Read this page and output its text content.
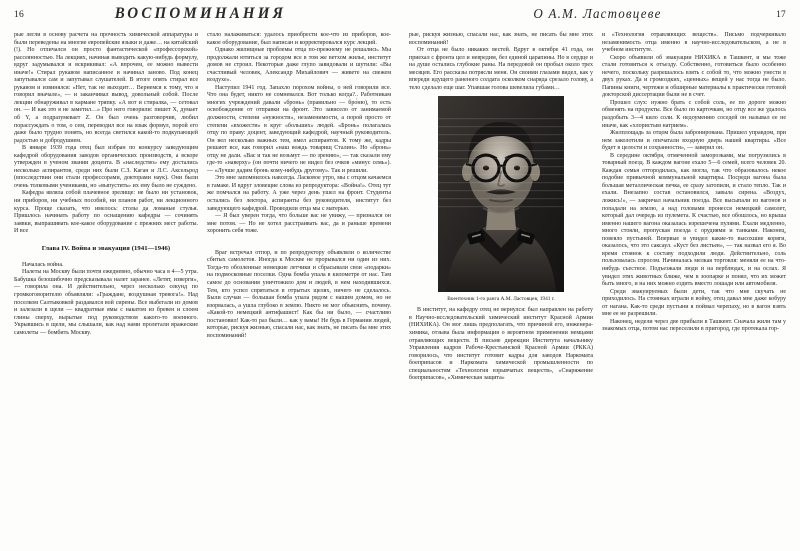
16	ВОСПОМИНАНИЯ

рые легли в основу расчета на прочность химической аппаратуры и были переведены на многие европейские языки и даже… на китайский (!). Но отличался он просто фантастической «профессорской» рассеянностью. На лекциях, начиная выводить какую-нибудь формулу, вдруг задумывался и вскрикивал: «А впрочем, ее можно вывести иначе!» Стирал рукавом написанное и начинал заново. Под конец запутывался сам и запутывал слушателей. В итоге опять стирал все рукавом и извинялся: «Нет, так не выходит… Вернемся к тому, что я говорил вначале», — и заканчивал вывод, довольный собой. После лекции обнаруживал в кармане тряпку. «А вот и стиралка, — сетовал он. — И как это я не заметил…» Про него говорили: пишет X, думает об Y, а подразумевает Z. Он был очень разговорчив, любил порассуждать о том, о сем, переводил все на язык формул, порой его даже было трудно понять, но всегда светился какой-то подкупающей радостью и добродушием.

В январе 1939 года отец был избран по конкурсу заведующим кафедрой оборудования заводов органических производств, а вскоре утвержден в ученом звании доцента. В «наследство» ему достались несколько аспирантов, среди них были С.З. Каган и Л.С. Аксельрод (впоследствии они стали профессорами, докторами наук). Они были очень толковыми учениками, но «выпустить» их ему было не суждено.

Кафедра являла собой плачевное зрелище: не было ни установок, ни приборов, ни учебных пособий, ни планов работ, ни лекционного курса. Проще сказать, что имелось: столы да ломаные стулья. Пришлось начинать работу по оснащению кафедры — сочинять заявки, выпрашивать кое-какое оборудование с прежних мест работы. И все

Глава IV. Война и эвакуация (1941—1946)

Началась война.

Налеты на Москву были почти ежедневно, обычно часа в 4—5 утра. Бабушка безошибочно предсказывала налет заранее. «Летят, изверги», — говорила она. И действительно, через несколько секунд по громкоговорителю объявляли: «Граждане, воздушная тревога!». Над поселком Салтыковкой раздавался вой сирены. Все выбегали из домов и залезали в щели — квадратные ямы с накатом из бревен и слоем глины сверху, вырытые под руководством какого-то военного. Укрывшись в щели, мы слышали, как над нами пролетали вражеские самолеты — бомбить Москву.

стало налаживаться: удалось приобрести кое-что из приборов, кое-какое оборудование, был написан и корректировался курс лекций.

Однако жилищные проблемы отца по-прежнему не решались. Мы продолжали ютиться за городом все в том же ветхом жилье, институт домов не строил. Некоторые даже глупо завидовали и шутили: «Вы счастливый человек, Александр Михайлович — живете на свежем воздухе».

Наступил 1941 год. Запахло порохом войны, о ней говорили все. Что она будет, никто не сомневался. Вот только когда?.. Работникам многих учреждений давали «бронь» (правильно — бро́ню), то есть освобождение от отправки на фронт. Это зависело от занимаемой должности, степени «нужности», незаменимости, а порой просто от степени «вхожести» в круг «больших» людей. «Бронь» полагалась отцу по праву: доцент, заведующий кафедрой, научный руководитель. Он вел несколько важных тем, имел аспирантов. К тому же, кадры решают все, как говорил «наш вождь товарищ Сталин». Но «бронь» отцу не дали. «Вас и так не возьмут — по зрению», — так сказали ему где-то «наверху» (он почти ничего не видел без очков «минус семь»). — «Лучше дадим бронь кому-нибудь другому». Так и решили.

Это мне запомнилось навсегда. Ласковое утро, мы с отцом качаемся в гамаке. И вдруг зловещие слова из репродуктора: «Война!». Отец тут же помчался на работу. А уже через день ушел на фронт. Студенты остались без лектора, аспиранты без руководителя, институт без заведующего кафедрой. Проводили отца мы с матерью.

— Я был уверен тогда, что больше вас не увижу, — признался он мне потом. — Но не хотел расстраивать вас, да и раньше времени хоронить себя тоже.

Враг встречал отпор, и по репродуктору объявляли о количестве сбитых самолетов. Иногда к Москве не прорывался ни один из них. Тогда-то обозленные немецкие летчики и сбрасывали свои «подарки» на подмосковные поселки. Одна бомба упала в километре от нас. Там самое до основания уничтожило дом и людей, в нем находившихся. Тем, кто успел спрятаться в отрытых щелях, ничего не сделалось. Были случаи — большая бомба упала рядом с нашим домом, но не взорвалась, а ушла глубоко в землю. Никто не мог объяснить, почему. «Какой-то немецкий антифашист! Как бы ни было, — счастливо постановил! Как-то раз были… как у вамы! Не будь в Германии людей, которые, рискуя жизнью, спасали нас, как знать, не писать бы мне этих воспоминаний!

О А.М. Ластовцеве	17

рые, рискуя жизнью, спасали нас, как знать, не писать бы мне этих воспоминаний!

От отца не было никаких вестей. Вдруг в октябре 41 года, он приехал с фронта цел и невредим, без единой царапины. Но в сердце и на душе остались глубокие раны. На передовой он пробыл около трех месяцев. Его рассказы потрясли меня. Он своими глазами видел, как у впереди идущего раненого солдата осколком снаряда срезало голову, а тело сделало еще шаг. Упавшая голова шевелила губами…

Воентехник 1-го ранга А.М. Ластовцев, 1941 г.

В институт, на кафедру отец не вернулся: был направлен на работу в Научно-исследовательский химический институт Красной Армии (НИХИКА). Он мог лишь предполагать, что причиной его, инженера-химика, отзыва была информация о вероятном применении немцами отравляющих веществ. В письме дирекции Института начальнику Управления кадров Рабоче-Крестьянской Красной Армии (РККА) говорилось, что институт готовит кадры для заводов Наркомата боеприпасов и Наркомата химической промышленности по специальностям «Технология взрывчатых веществ», «Снаряжение боеприпасов», «Химическая защита»

и «Технология отравляющих веществ». Письмо подчеркивало незаменимость отца именно в научно-исследовательском, а не в учебном институте.

Скоро объявили об эвакуации НИХИКА в Ташкент, и мы тоже стали готовиться к отъезду. Собственно, готовиться было особенно нечего, поскольку разрешалось взять с собой то, что можно унести в двух руках. Да и громоздких, «ценных» вещей у нас тогда не было. Папины книги, чертежи и обширные материалы к практически готовой докторской диссертации были не в счет.

Прошел слух: нужно брать с собой соль, ее по дороге можно обменять на продукты. Все было по карточкам, но отцу все же удалось раздобыть 3—4 кило соли. К недоумению соседей он называл ее не иначе, как «хлористым натрием».

Жилплощадь за отцом была забронирована. Пришел управдом, при нем заколотили и опечатали входную дверь нашей квартиры. «Все будет в целости и сохранности», — заверил он.

В середине октября, отмеченной заморозками, мы погрузились в товарный поезд. В каждом вагоне ехало 5—6 семей, всего человек 20. Каждая семья отгородилась, как могла, так что образовалось некое подобие привычной коммунальной квартиры. Посреди вагона была большая металлическая печка, ее сразу затопили, и стало тепло. Так и ехали. Внезапно состав остановился, завыла сирена. «Воздух, ложись!», — закричал начальник поезда. Все высыпали из вагонов и попадали на землю, а над головами пронесся немецкий самолет, который дал очередь из пулемета. К счастью, все обошлось, но крыша именно нашего вагона оказалась изрешечена пулями. Ехали медленно, много стояли, пропуская поезда с орудиями и танками. Наконец, повеяло пустыней. Впервые я увидел какие-то высохшие коряги, оказалось, что это саксаул. «Куст без листьев», — так назвал его я. Во время стоянок к составу подходили люди. Действительно, соль пользовалась спросом. Начиналась мелкая торговля: меняли ее на что-нибудь съестное. Подъезжали люди и на верблюдах, и на ослах. Я увидел этих животных ближе, чем в зоопарке и понял, что их может быть много, и на них можно ездить вместо лошади или автомобиля.

Среди эвакуируемых были дети, так что мне скучать не приходилось. На стоянках играли в войну, отец давал мне даже кобуру от нагана. Как-то среди пустыни я поймал черепаху, но в вагон взять мне ее не разрешили.

Наконец, недели через две прибыли в Ташкент. Сначала жили там у знакомых отца, потом нас переселили в пригород, где протекала гор-
